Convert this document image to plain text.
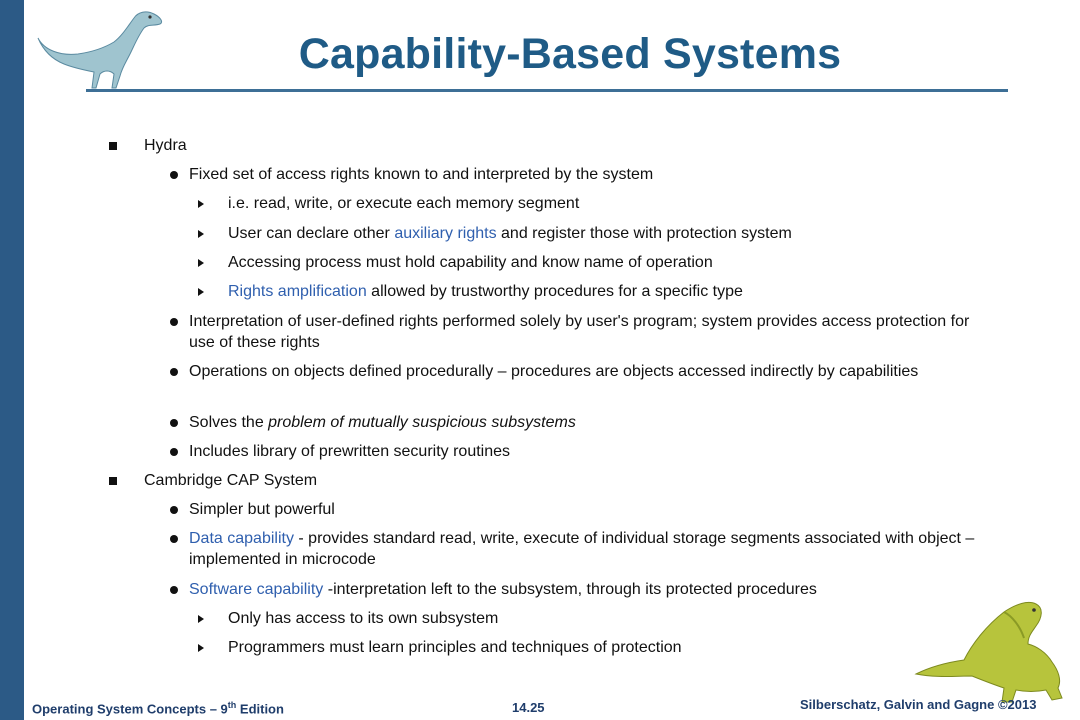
Capability-Based Systems
Hydra
Fixed set of access rights known to and interpreted by the system
i.e. read, write, or execute each memory segment
User can declare other auxiliary rights and register those with protection system
Accessing process must hold capability and know name of operation
Rights amplification allowed by trustworthy procedures for a specific type
Interpretation of user-defined rights performed solely by user's program; system provides access protection for use of these rights
Operations on objects defined procedurally – procedures are objects accessed indirectly by capabilities
Solves the problem of mutually suspicious subsystems
Includes library of prewritten security routines
Cambridge CAP System
Simpler but powerful
Data capability - provides standard read, write, execute of individual storage segments associated with object – implemented in microcode
Software capability -interpretation left to the subsystem, through its protected procedures
Only has access to its own subsystem
Programmers must learn principles and techniques of protection
Operating System Concepts – 9th Edition	14.25	Silberschatz, Galvin and Gagne ©2013
